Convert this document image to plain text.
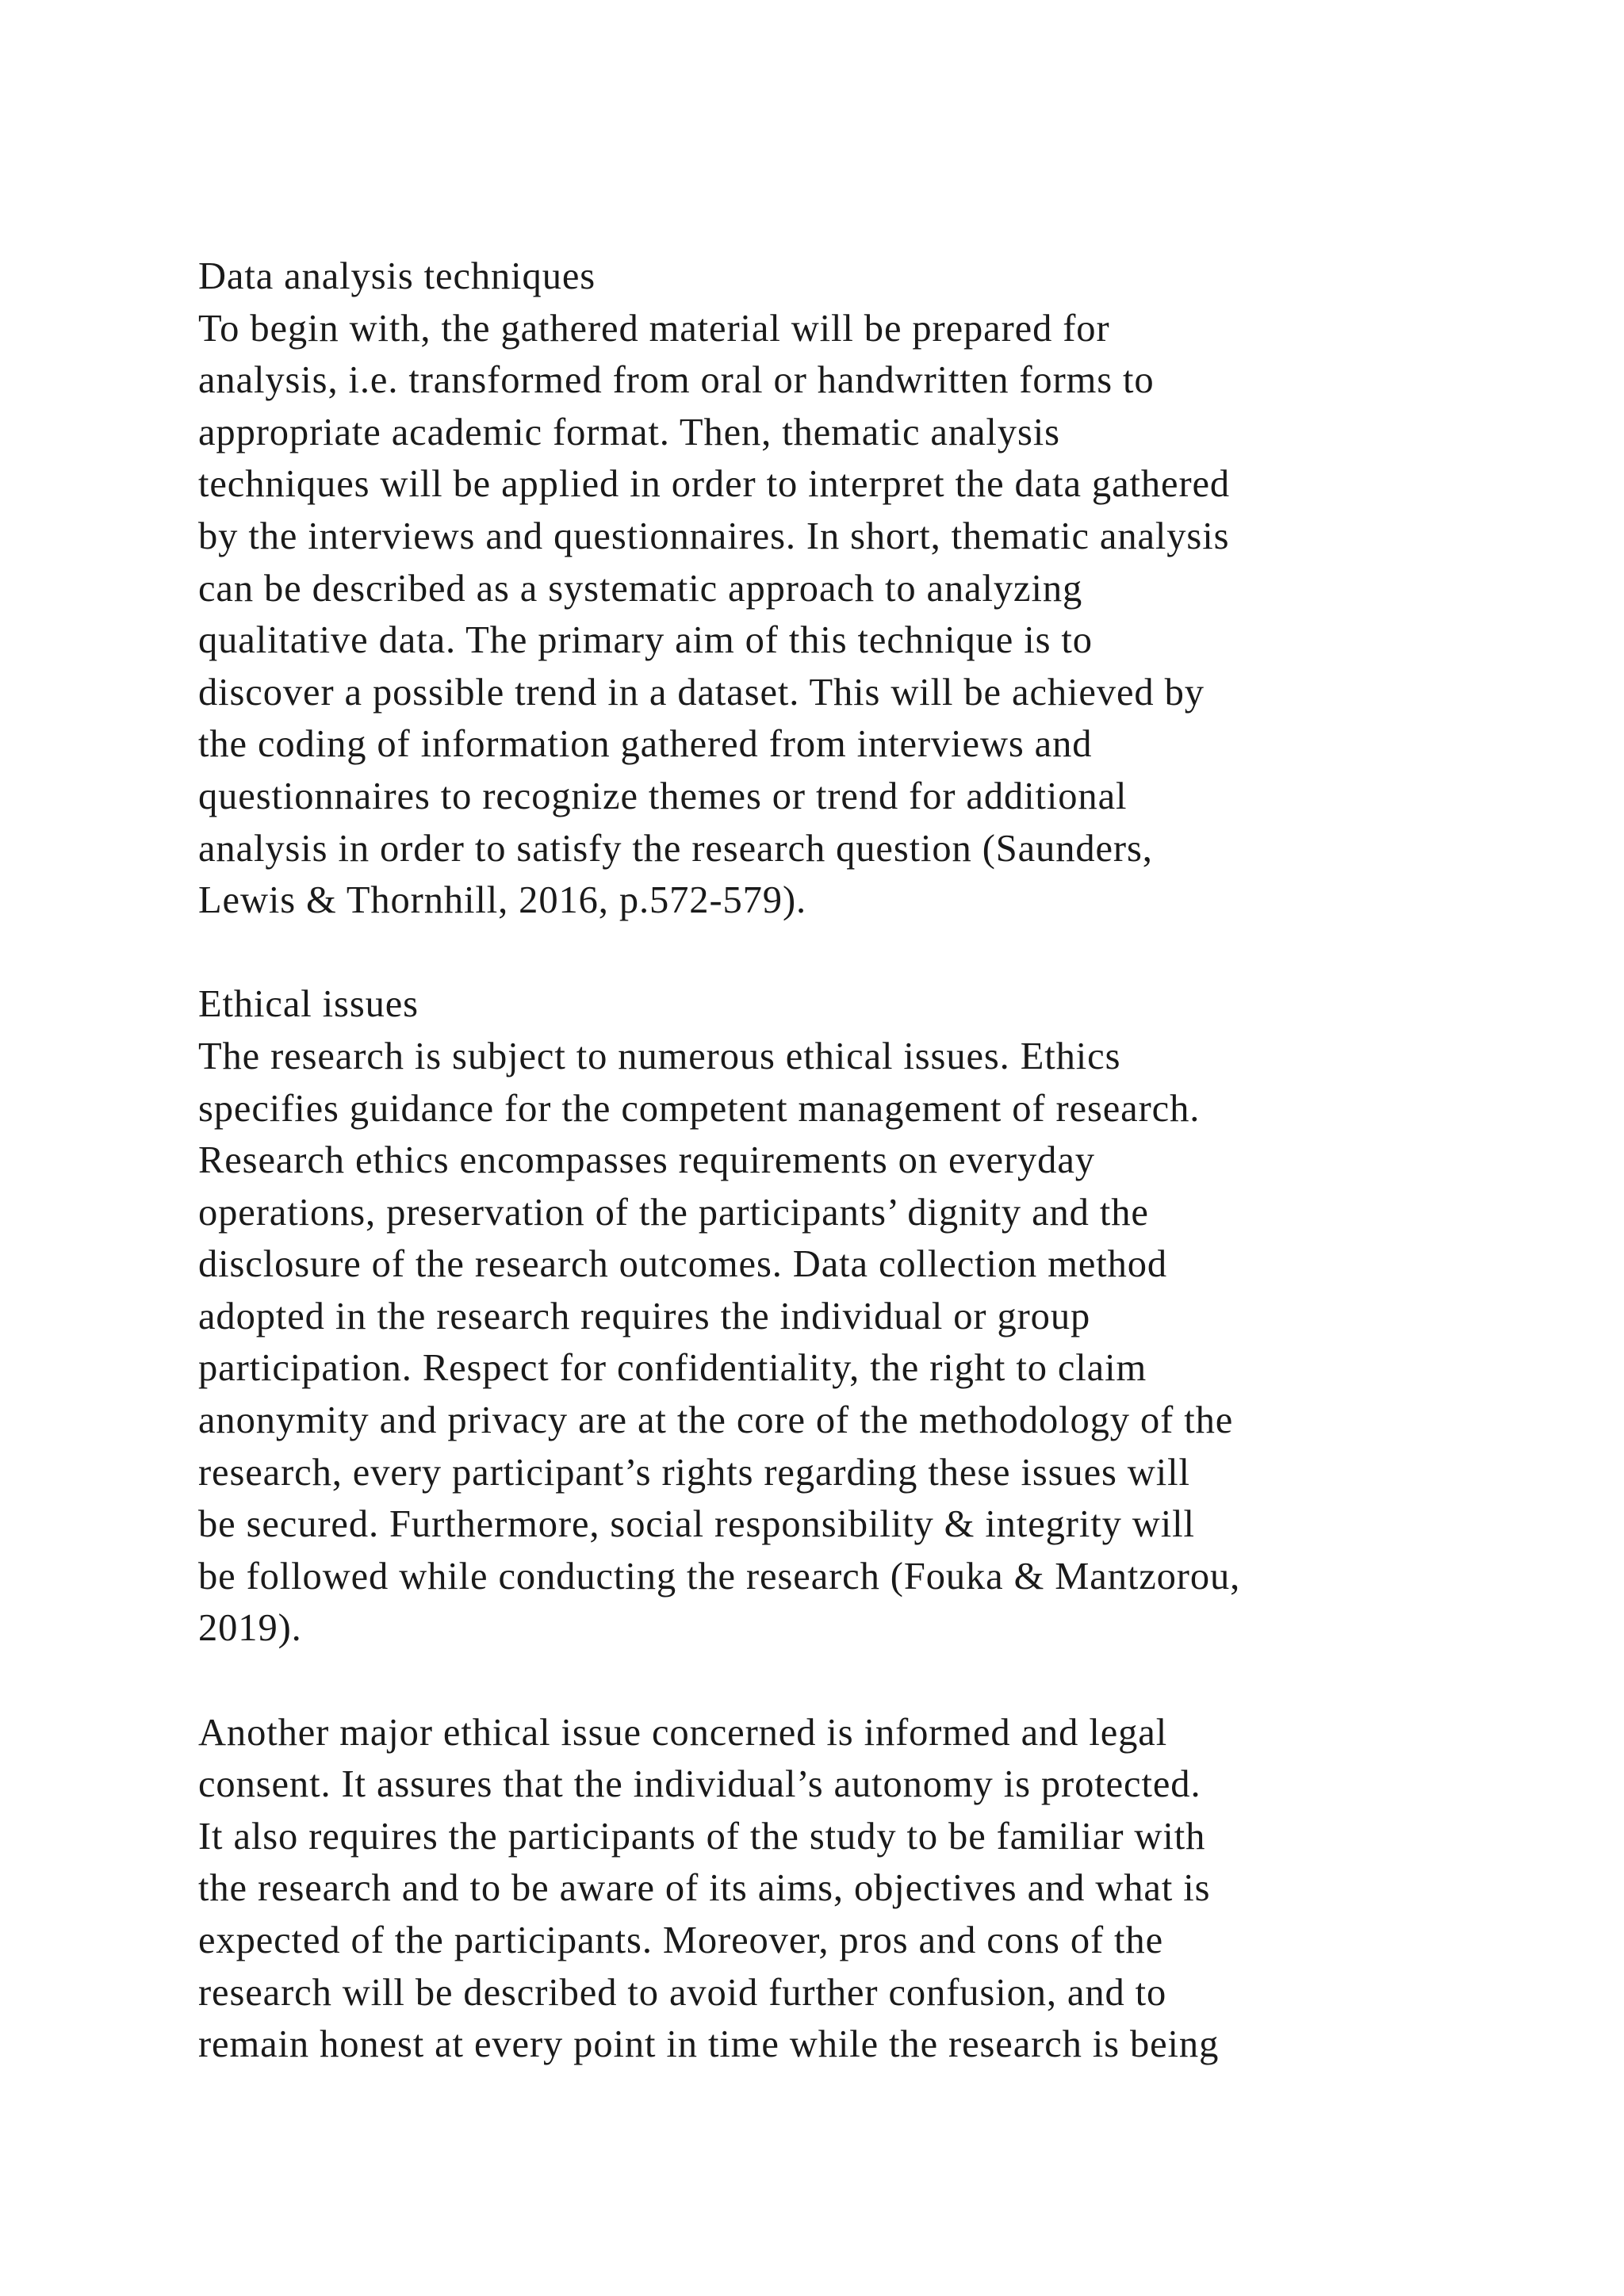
Data analysis techniques
To begin with, the gathered material will be prepared for
analysis, i.e. transformed from oral or handwritten forms to
appropriate academic format. Then, thematic analysis
techniques will be applied in order to interpret the data gathered
by the interviews and questionnaires. In short, thematic analysis
can be described as a systematic approach to analyzing
qualitative data. The primary aim of this technique is to
discover a possible trend in a dataset. This will be achieved by
the coding of information gathered from interviews and
questionnaires to recognize themes or trend for additional
analysis in order to satisfy the research question (Saunders,
Lewis & Thornhill, 2016, p.572-579).
Ethical issues
The research is subject to numerous ethical issues. Ethics
specifies guidance for the competent management of research.
Research ethics encompasses requirements on everyday
operations, preservation of the participants’ dignity and the
disclosure of the research outcomes. Data collection method
adopted in the research requires the individual or group
participation. Respect for confidentiality, the right to claim
anonymity and privacy are at the core of the methodology of the
research, every participant’s rights regarding these issues will
be secured. Furthermore, social responsibility & integrity will
be followed while conducting the research (Fouka & Mantzorou,
2019).
Another major ethical issue concerned is informed and legal
consent. It assures that the individual’s autonomy is protected.
It also requires the participants of the study to be familiar with
the research and to be aware of its aims, objectives and what is
expected of the participants. Moreover, pros and cons of the
research will be described to avoid further confusion, and to
remain honest at every point in time while the research is being
